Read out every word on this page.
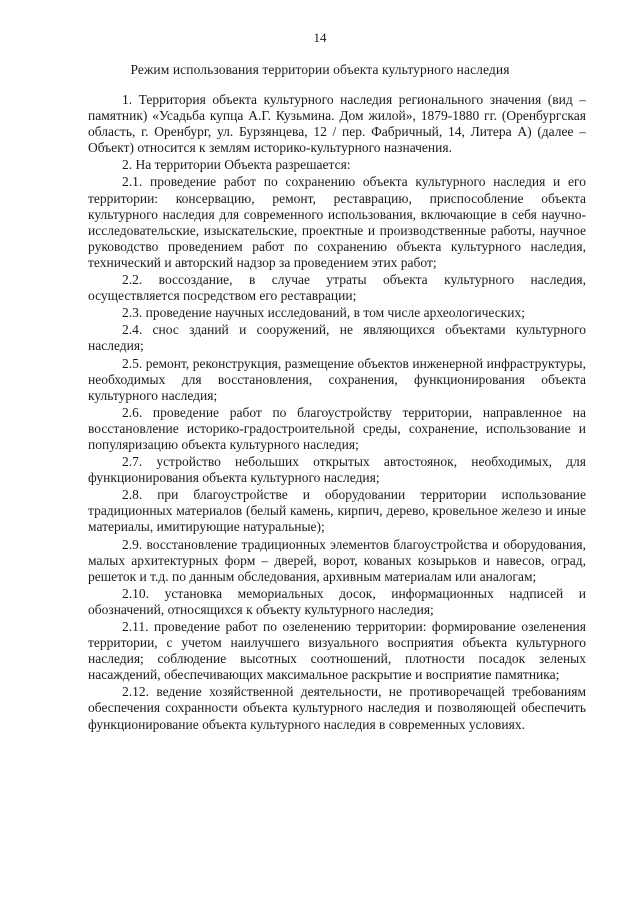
14
Режим использования территории объекта культурного наследия

1. Территория объекта культурного наследия регионального значения (вид – памятник) «Усадьба купца А.Г. Кузьмина. Дом жилой», 1879-1880 гг. (Оренбургская область, г. Оренбург, ул. Бурзянцева, 12 / пер. Фабричный, 14, Литера А) (далее – Объект) относится к землям историко-культурного назначения.

2. На территории Объекта разрешается:

2.1. проведение работ по сохранению объекта культурного наследия и его территории: консервацию, ремонт, реставрацию, приспособление объекта культурного наследия для современного использования, включающие в себя научно-исследовательские, изыскательские, проектные и производственные работы, научное руководство проведением работ по сохранению объекта культурного наследия, технический и авторский надзор за проведением этих работ;

2.2. воссоздание, в случае утраты объекта культурного наследия, осуществляется посредством его реставрации;

2.3. проведение научных исследований, в том числе археологических;

2.4. снос зданий и сооружений, не являющихся объектами культурного наследия;

2.5. ремонт, реконструкция, размещение объектов инженерной инфраструктуры, необходимых для восстановления, сохранения, функционирования объекта культурного наследия;

2.6. проведение работ по благоустройству территории, направленное на восстановление историко-градостроительной среды, сохранение, использование и популяризацию объекта культурного наследия;

2.7. устройство небольших открытых автостоянок, необходимых, для функционирования объекта культурного наследия;

2.8. при благоустройстве и оборудовании территории использование традиционных материалов (белый камень, кирпич, дерево, кровельное железо и иные материалы, имитирующие натуральные);

2.9. восстановление традиционных элементов благоустройства и оборудования, малых архитектурных форм – дверей, ворот, кованых козырьков и навесов, оград, решеток и т.д. по данным обследования, архивным материалам или аналогам;

2.10. установка мемориальных досок, информационных надписей и обозначений, относящихся к объекту культурного наследия;

2.11. проведение работ по озеленению территории: формирование озеленения территории, с учетом наилучшего визуального восприятия объекта культурного наследия; соблюдение высотных соотношений, плотности посадок зеленых насаждений, обеспечивающих максимальное раскрытие и восприятие памятника;

2.12. ведение хозяйственной деятельности, не противоречащей требованиям обеспечения сохранности объекта культурного наследия и позволяющей обеспечить функционирование объекта культурного наследия в современных условиях.
